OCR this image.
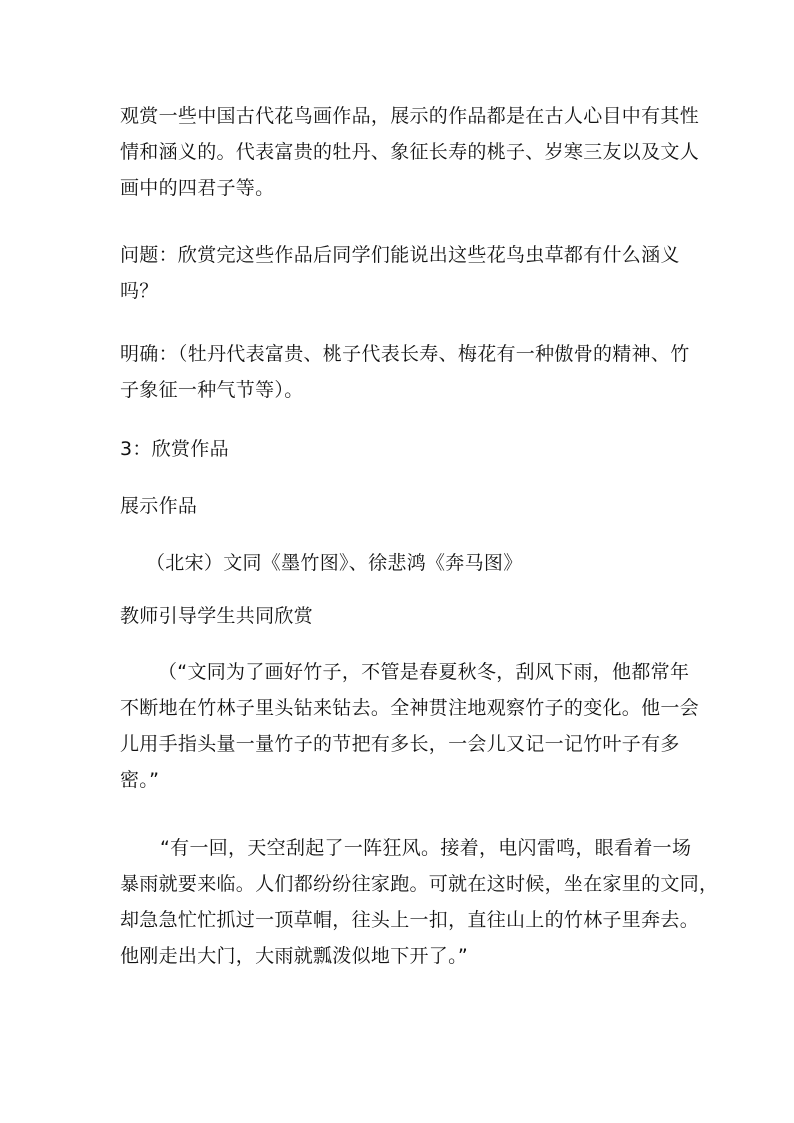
观赏一些中国古代花鸟画作品，展示的作品都是在古人心目中有其性
情和涵义的。代表富贵的牡丹、象征长寿的桃子、岁寒三友以及文人
画中的四君子等。

问题：欣赏完这些作品后同学们能说出这些花鸟虫草都有什么涵义
吗？

明确：（牡丹代表富贵、桃子代表长寿、梅花有一种傲骨的精神、竹
子象征一种气节等）。

3：欣赏作品

展示作品

（北宋）文同《墨竹图》、徐悲鸿《奔马图》

教师引导学生共同欣赏

（“文同为了画好竹子，不管是春夏秋冬，刮风下雨，他都常年
不断地在竹林子里头钻来钻去。全神贯注地观察竹子的变化。他一会
儿用手指头量一量竹子的节把有多长，一会儿又记一记竹叶子有多
密。”

“有一回，天空刮起了一阵狂风。接着，电闪雷鸣，眼看着一场
暴雨就要来临。人们都纷纷往家跑。可就在这时候，坐在家里的文同，
却急急忙忙抓过一顶草帽，往头上一扣，直往山上的竹林子里奔去。
他刚走出大门，大雨就瓢泼似地下开了。”
